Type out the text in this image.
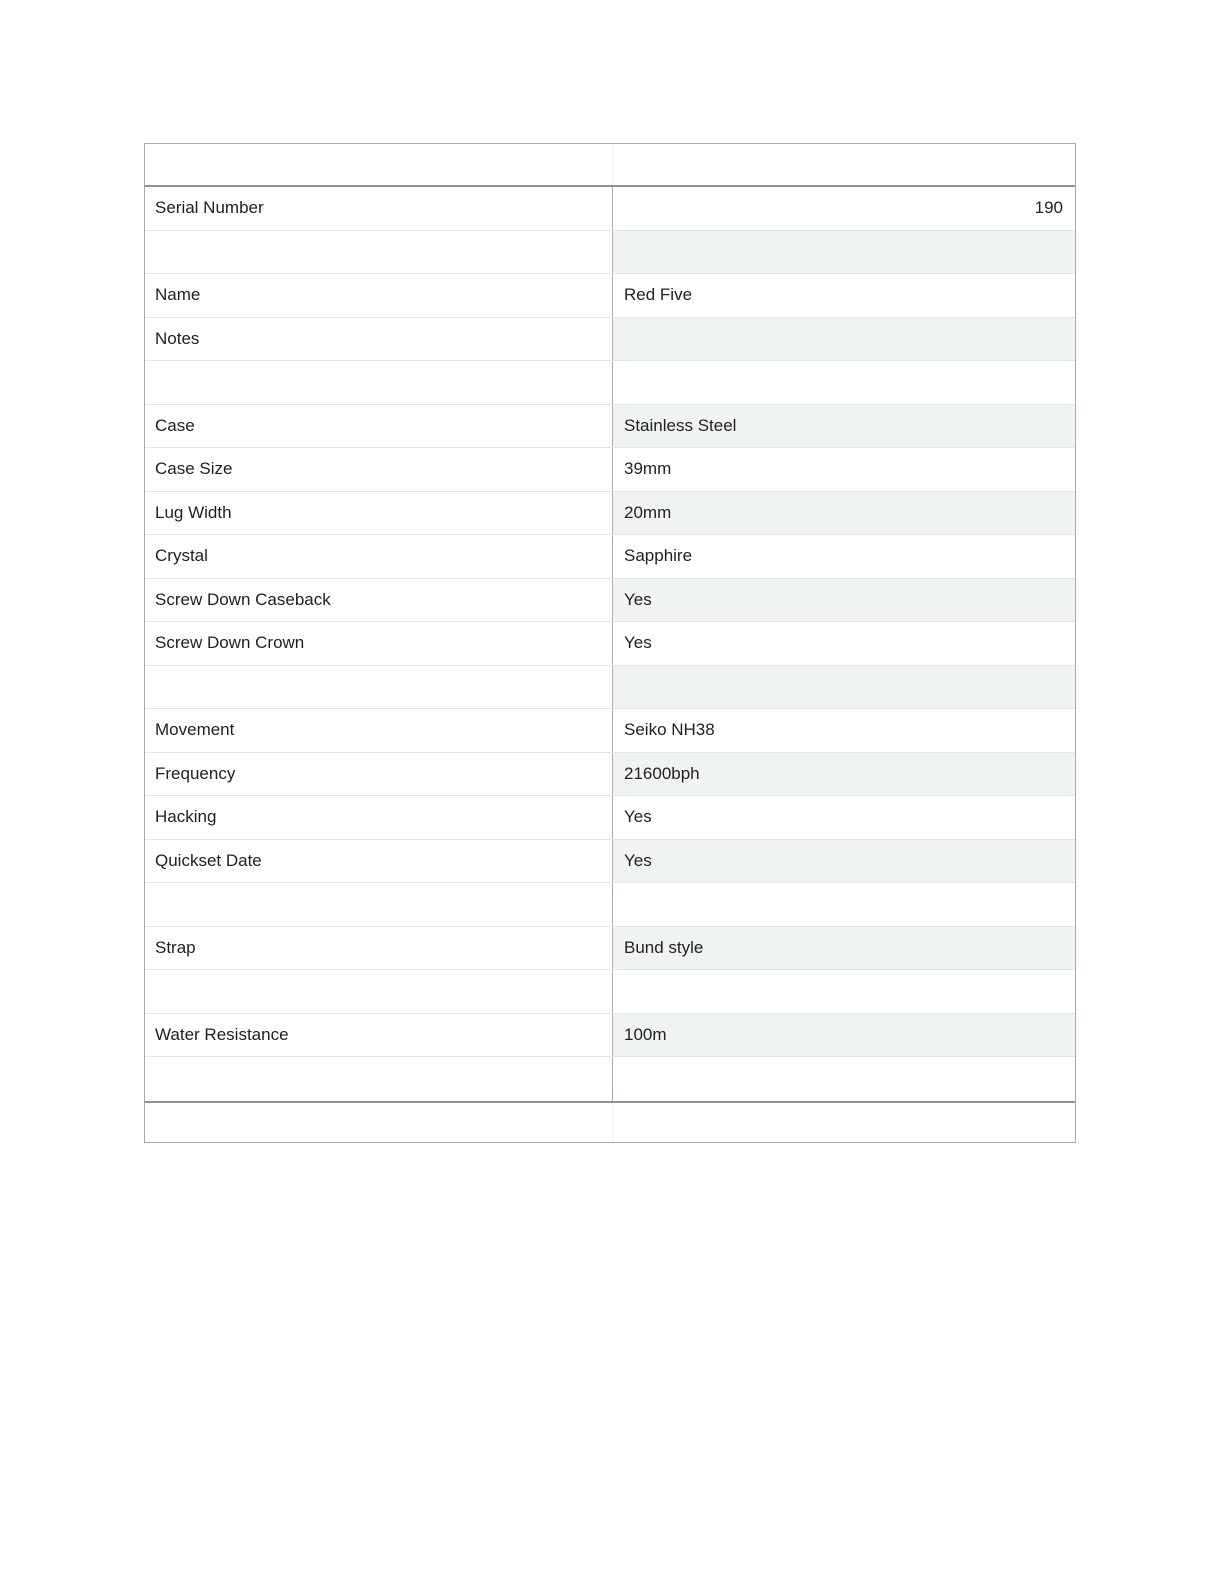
Serial Number	190
Name	Red Five
Notes
Case	Stainless Steel
Case Size	39mm
Lug Width	20mm
Crystal	Sapphire
Screw Down Caseback	Yes
Screw Down Crown	Yes
Movement	Seiko NH38
Frequency	21600bph
Hacking	Yes
Quickset Date	Yes
Strap	Bund style
Water Resistance	100m
